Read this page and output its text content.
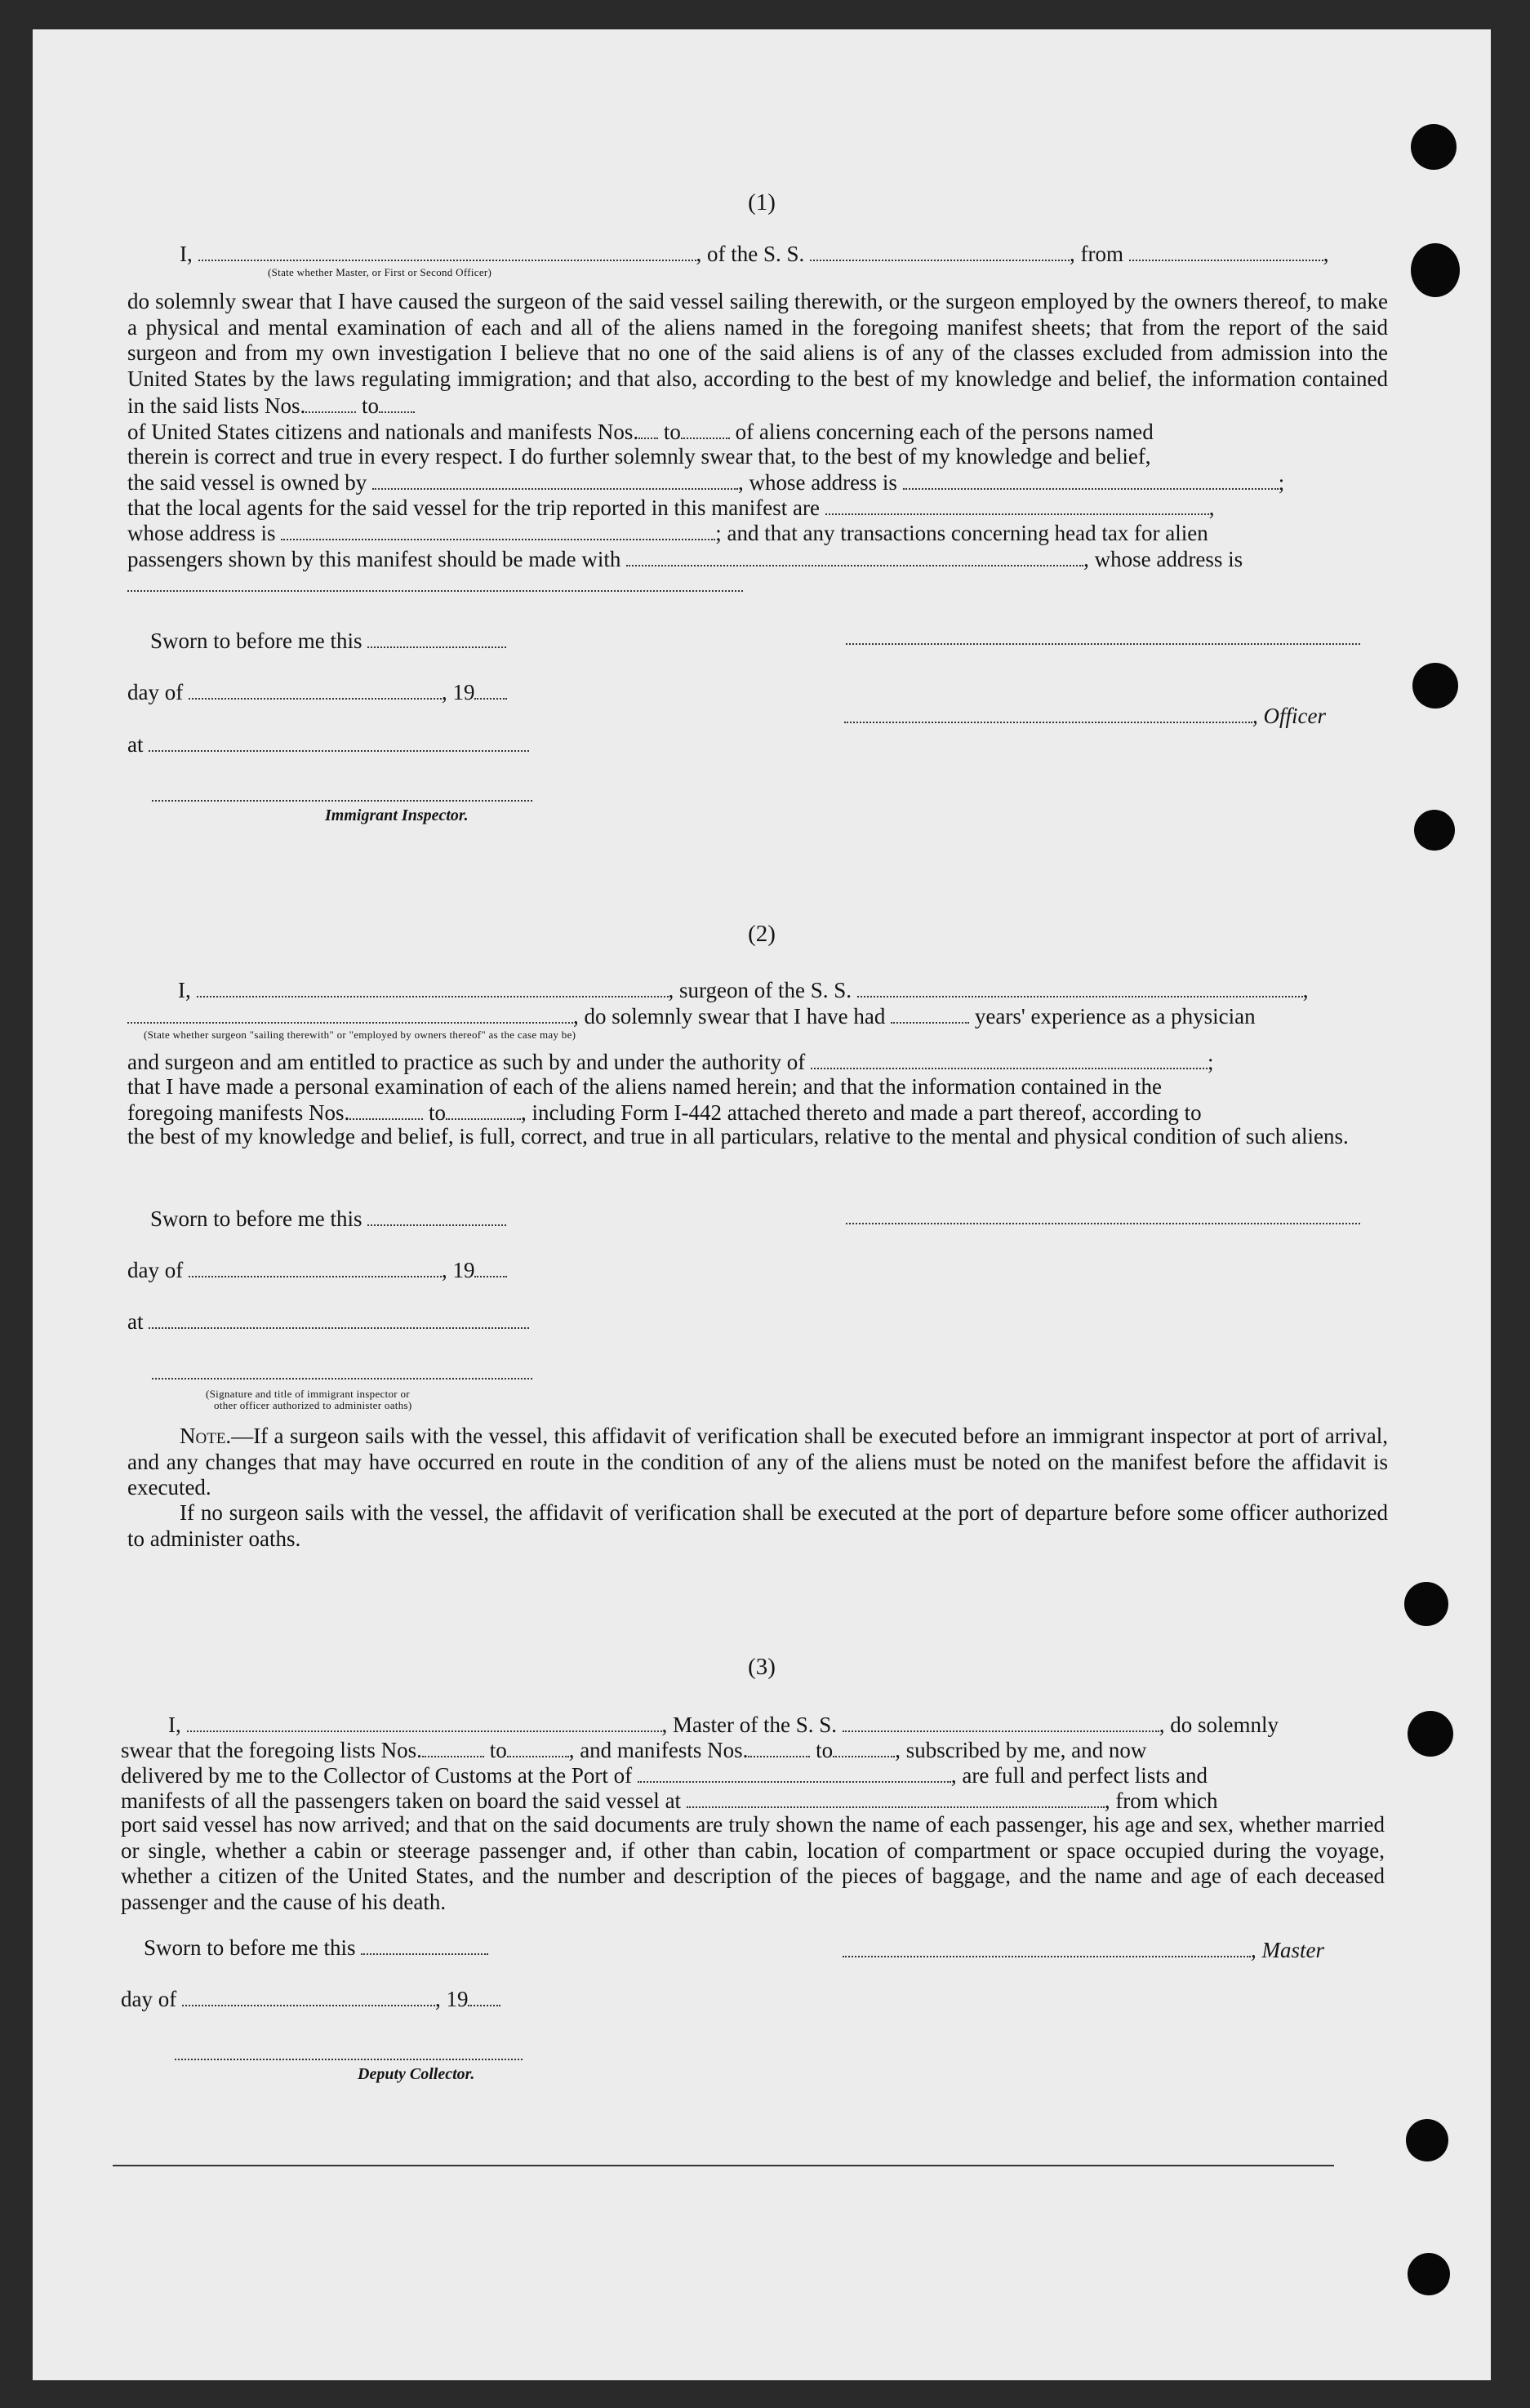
(1)
I,	, of the S. S.	, from	,
(State whether Master, or First or Second Officer)
do solemnly swear that I have caused the surgeon of the said vessel sailing therewith, or the surgeon employed by the owners thereof, to make a physical and mental examination of each and all of the aliens named in the foregoing manifest sheets; that from the report of the said surgeon and from my own investigation I believe that no one of the said aliens is of any of the classes excluded from admission into the United States by the laws regulating immigration; and that also, according to the best of my knowledge and belief, the information contained in the said lists Nos.	to
of United States citizens and nationals and manifests Nos. to of aliens concerning each of the persons named
therein is correct and true in every respect. I do further solemnly swear that, to the best of my knowledge and belief,
the said vessel is owned by	, whose address is	;
that the local agents for the said vessel for the trip reported in this manifest are	,
whose address is	; and that any transactions concerning head tax for alien
passengers shown by this manifest should be made with	, whose address is
Sworn to before me this
day of	, 19
, Officer
at
Immigrant Inspector.
(2)
I,	, surgeon of the S. S.	,
, do solemnly swear that I have had	years' experience as a physician
(State whether surgeon "sailing therewith" or "employed by owners thereof" as the case may be)
and surgeon and am entitled to practice as such by and under the authority of	;
that I have made a personal examination of each of the aliens named herein; and that the information contained in the
foregoing manifests Nos.	to	, including Form I-442 attached thereto and made a part thereof, according to
the best of my knowledge and belief, is full, correct, and true in all particulars, relative to the mental and physical condition of such aliens.
Sworn to before me this
day of	, 19
at
(Signature and title of immigrant inspector or
other officer authorized to administer oaths)
Note.—If a surgeon sails with the vessel, this affidavit of verification shall be executed before an immigrant inspector at port of arrival, and any changes that may have occurred en route in the condition of any of the aliens must be noted on the manifest before the affidavit is executed.
If no surgeon sails with the vessel, the affidavit of verification shall be executed at the port of departure before some officer authorized to administer oaths.
(3)
I,	, Master of the S. S.	, do solemnly
swear that the foregoing lists Nos.	to	, and manifests Nos.	to	, subscribed by me, and now
delivered by me to the Collector of Customs at the Port of	, are full and perfect lists and
manifests of all the passengers taken on board the said vessel at	, from which
port said vessel has now arrived; and that on the said documents are truly shown the name of each passenger, his age and sex, whether married or single, whether a cabin or steerage passenger and, if other than cabin, location of compartment or space occupied during the voyage, whether a citizen of the United States, and the number and description of the pieces of baggage, and the name and age of each deceased passenger and the cause of his death.
Sworn to before me this	, Master
day of	, 19
Deputy Collector.
